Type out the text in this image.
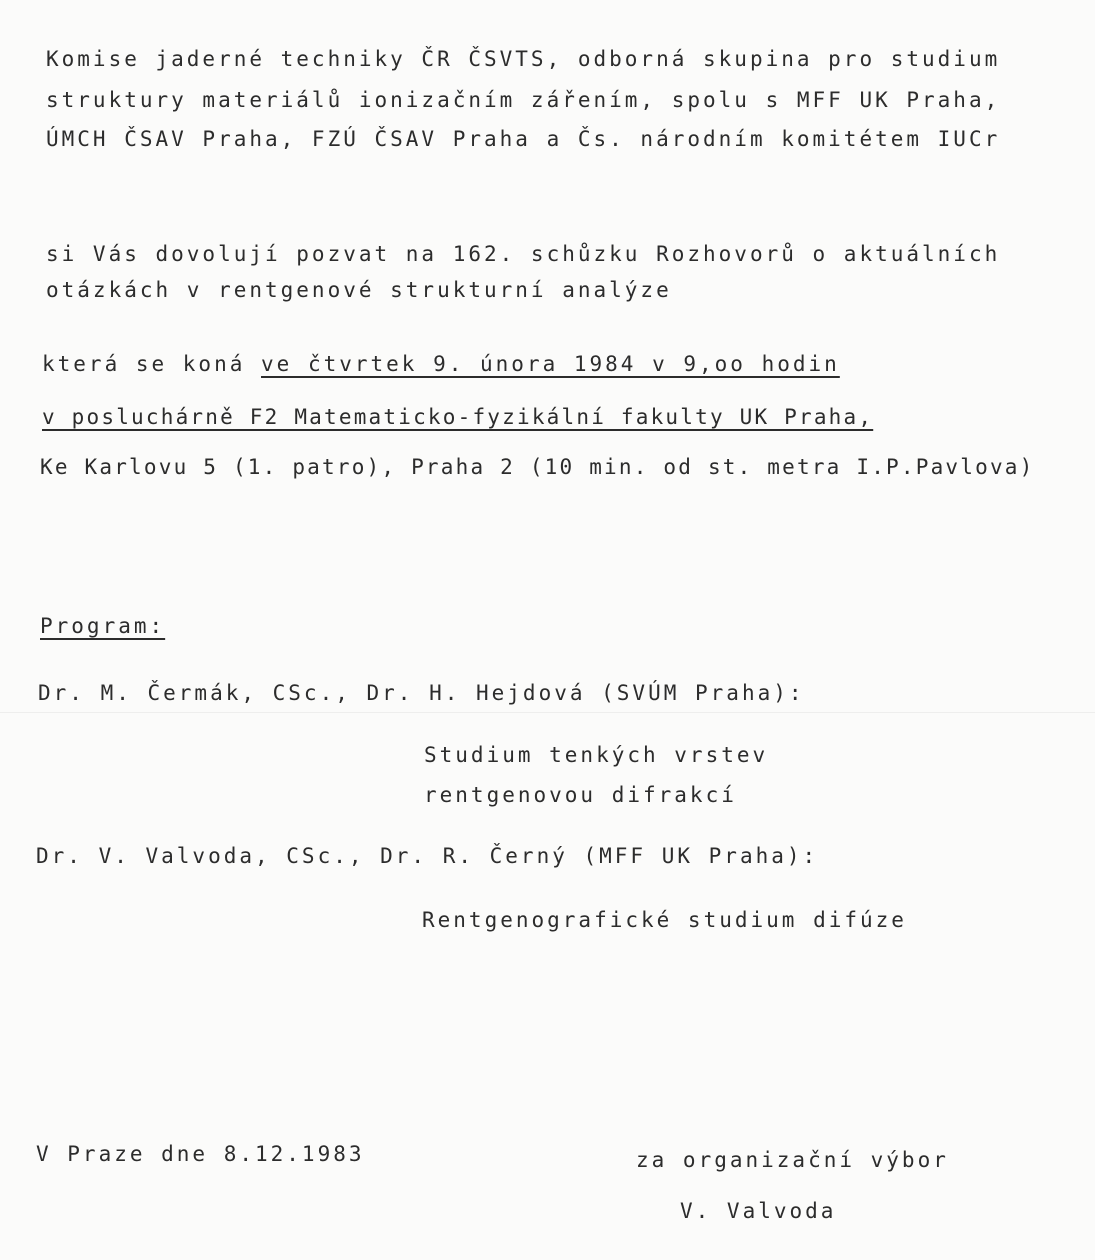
Komise jaderné techniky ČR ČSVTS, odborná skupina pro studium
struktury materiálů ionizačním zářením, spolu s MFF UK Praha,
ÚMCH ČSAV Praha, FZÚ ČSAV Praha a Čs. národním komitétem IUCr
si Vás dovolují pozvat na 162. schůzku Rozhovorů o aktuálních
otázkách v rentgenové strukturní analýze
která se koná ve čtvrtek 9. února 1984 v 9,oo hodin
v posluchárně F2 Matematicko-fyzikální fakulty UK Praha,
Ke Karlovu 5 (1. patro), Praha 2 (10 min. od st. metra I.P.Pavlova)
Program:
Dr. M. Čermák, CSc., Dr. H. Hejdová (SVÚM Praha):
Studium tenkých vrstev
rentgenovou difrakcí
Dr. V. Valvoda, CSc., Dr. R. Černý (MFF UK Praha):
Rentgenografické studium difúze
V Praze dne 8.12.1983	za organizační výbor
V. Valvoda
